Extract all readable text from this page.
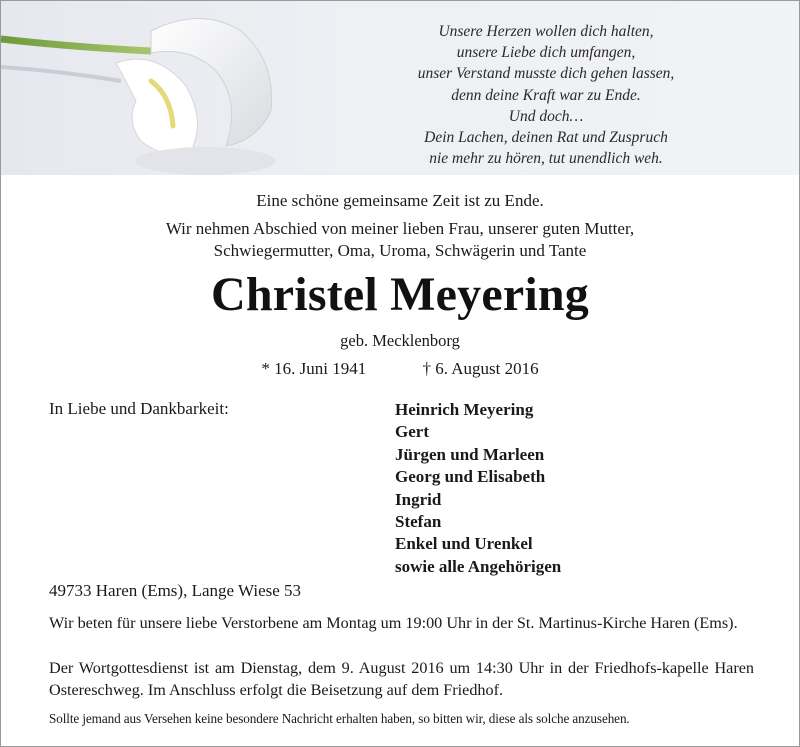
Unsere Herzen wollen dich halten,
unsere Liebe dich umfangen,
unser Verstand musste dich gehen lassen,
denn deine Kraft war zu Ende.
Und doch…
Dein Lachen, deinen Rat und Zuspruch
nie mehr zu hören, tut unendlich weh.
Eine schöne gemeinsame Zeit ist zu Ende.
Wir nehmen Abschied von meiner lieben Frau, unserer guten Mutter,
Schwiegermutter, Oma, Uroma, Schwägerin und Tante
Christel Meyering
geb. Mecklenborg
* 16. Juni 1941	† 6. August 2016
In Liebe und Dankbarkeit:	Heinrich Meyering
Gert
Jürgen und Marleen
Georg und Elisabeth
Ingrid
Stefan
Enkel und Urenkel
sowie alle Angehörigen
49733 Haren (Ems), Lange Wiese 53
Wir beten für unsere liebe Verstorbene am Montag um 19:00 Uhr in der St. Martinus-Kirche Haren (Ems).
Der Wortgottesdienst ist am Dienstag, dem 9. August 2016 um 14:30 Uhr in der Friedhofs-kapelle Haren Ostereschweg. Im Anschluss erfolgt die Beisetzung auf dem Friedhof.
Sollte jemand aus Versehen keine besondere Nachricht erhalten haben, so bitten wir, diese als solche anzusehen.
